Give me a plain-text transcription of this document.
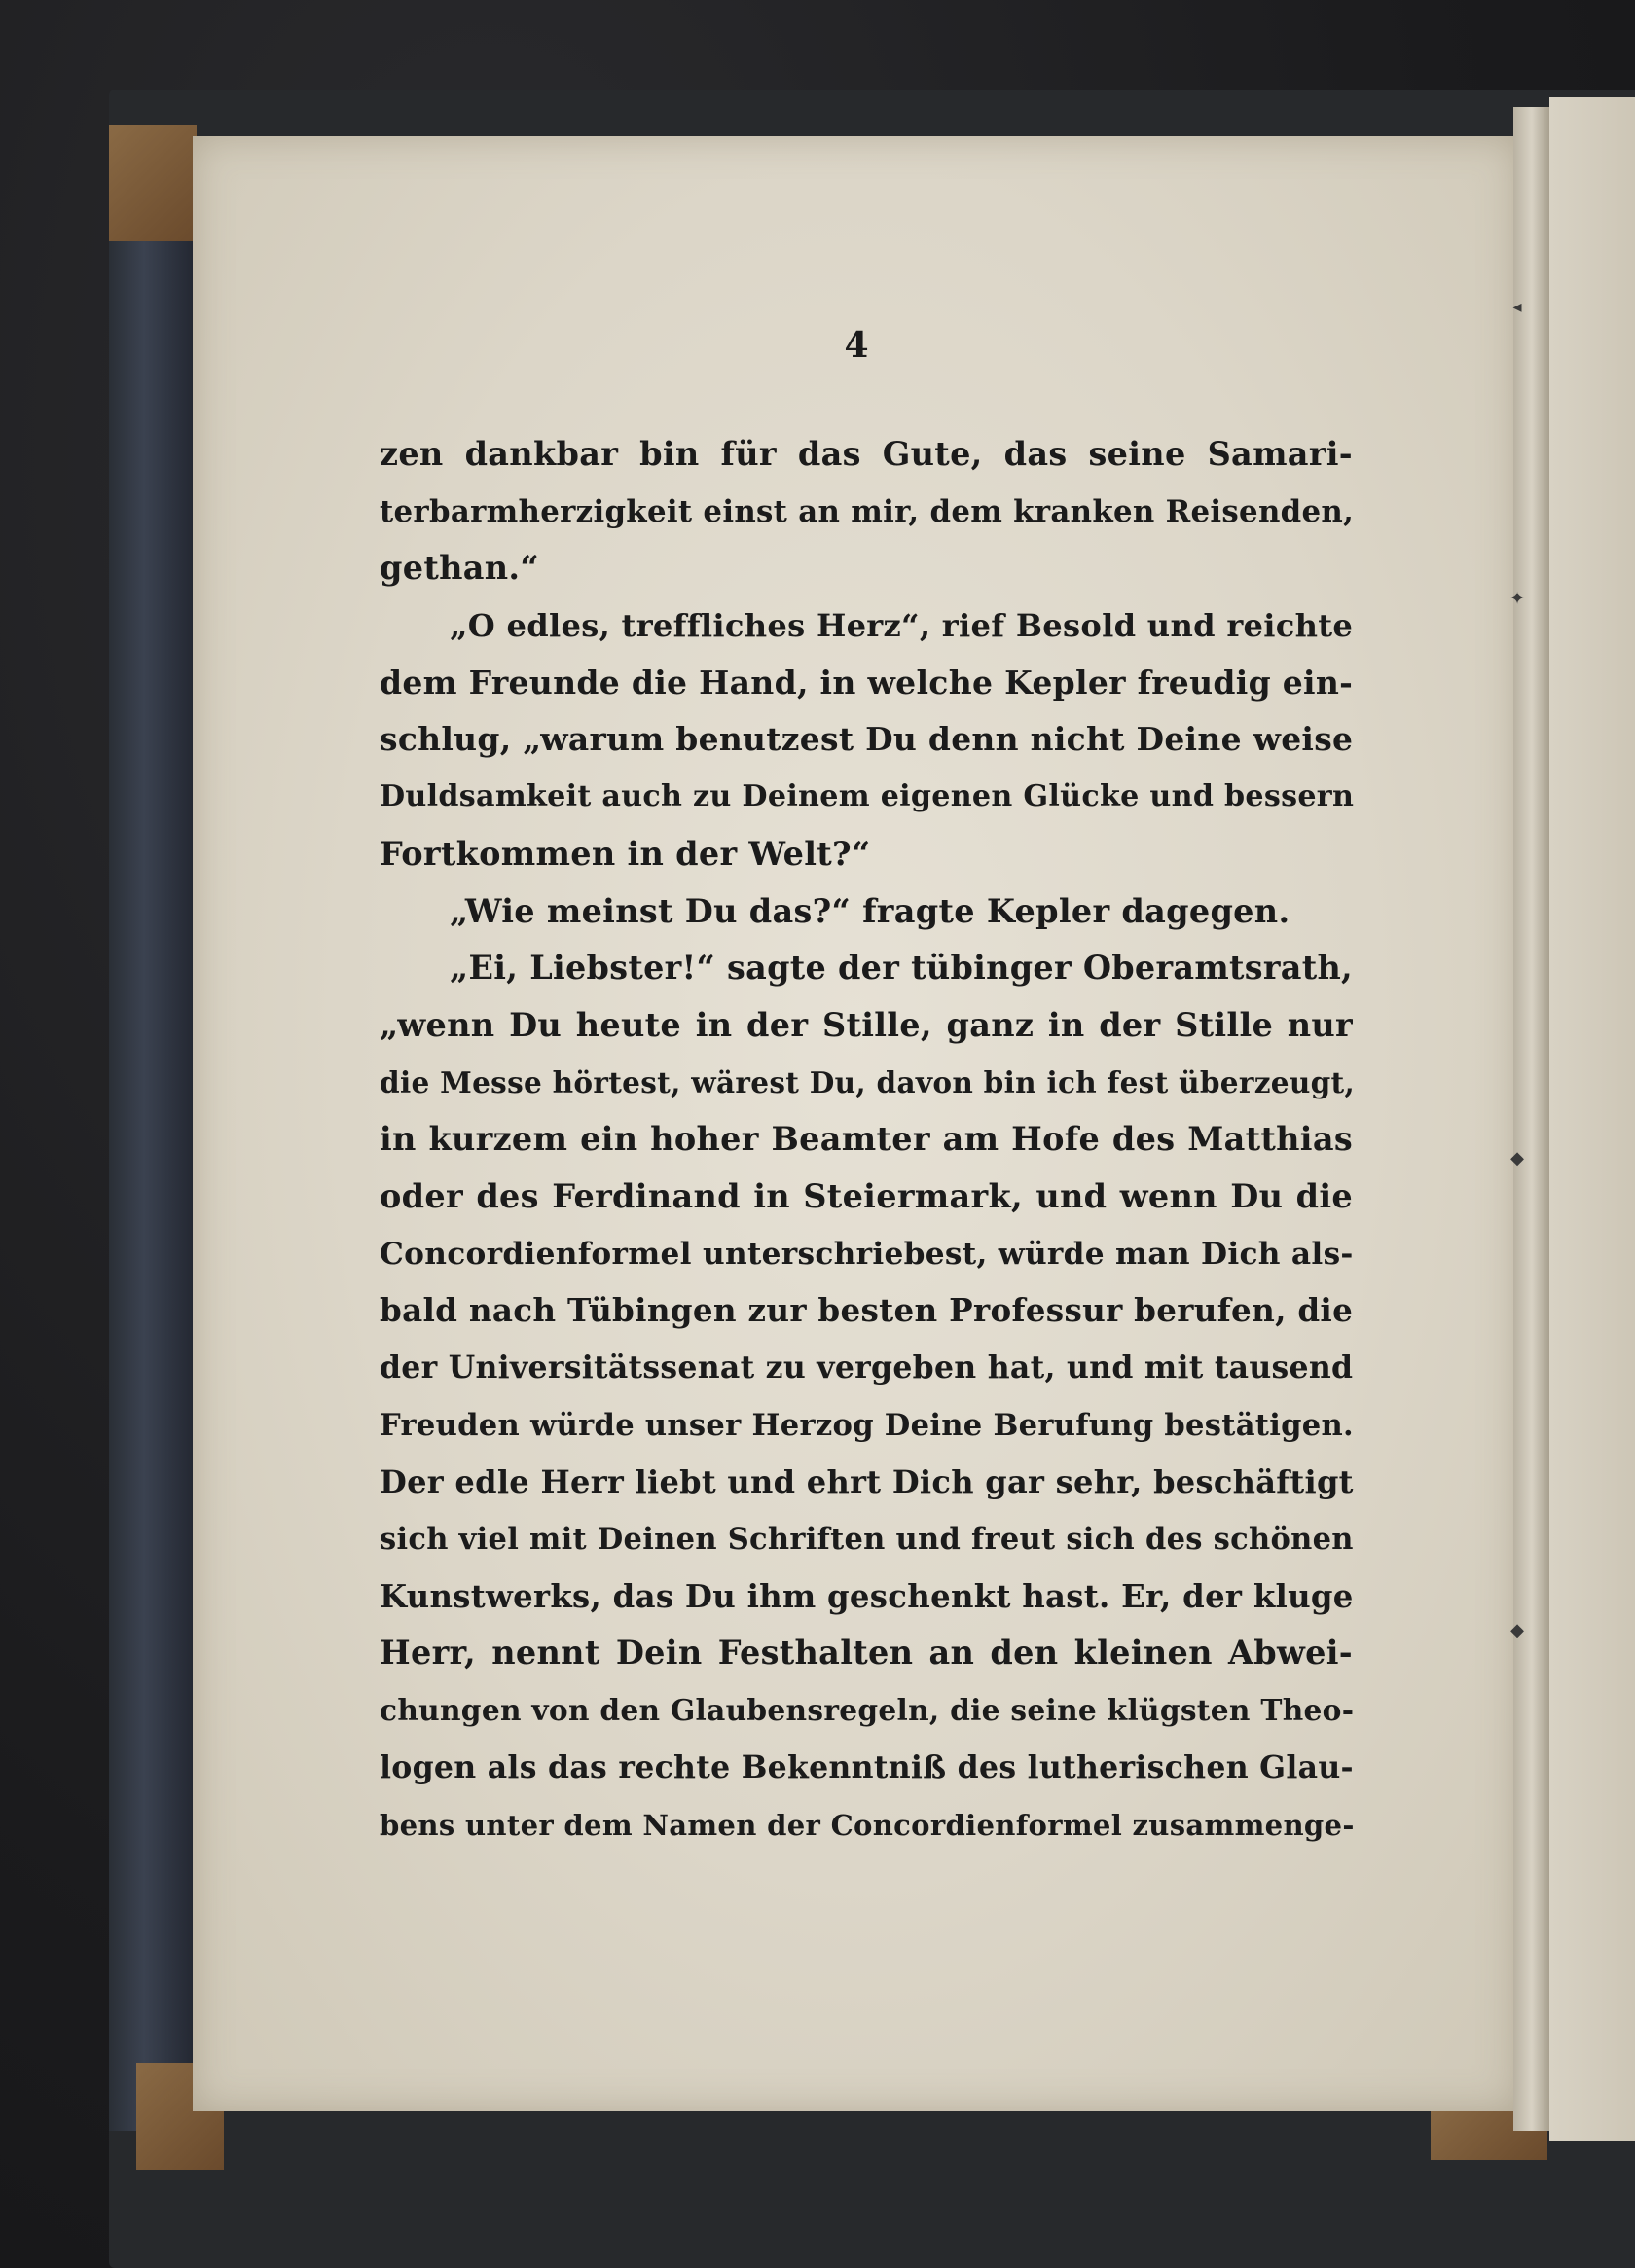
◂
✦
◆
◆
4
zen dankbar bin für das Gute, das seine Samari-
terbarmherzigkeit einst an mir, dem kranken Reisenden,
gethan.“
„O edles, treffliches Herz“, rief Besold und reichte
dem Freunde die Hand, in welche Kepler freudig ein-
schlug, „warum benutzest Du denn nicht Deine weise
Duldsamkeit auch zu Deinem eigenen Glücke und bessern
Fortkommen in der Welt?“
„Wie meinst Du das?“ fragte Kepler dagegen.
„Ei, Liebster!“ sagte der tübinger Oberamtsrath,
„wenn Du heute in der Stille, ganz in der Stille nur
die Messe hörtest, wärest Du, davon bin ich fest überzeugt,
in kurzem ein hoher Beamter am Hofe des Matthias
oder des Ferdinand in Steiermark, und wenn Du die
Concordienformel unterschriebest, würde man Dich als-
bald nach Tübingen zur besten Professur berufen, die
der Universitätssenat zu vergeben hat, und mit tausend
Freuden würde unser Herzog Deine Berufung bestätigen.
Der edle Herr liebt und ehrt Dich gar sehr, beschäftigt
sich viel mit Deinen Schriften und freut sich des schönen
Kunstwerks, das Du ihm geschenkt hast. Er, der kluge
Herr, nennt Dein Festhalten an den kleinen Abwei-
chungen von den Glaubensregeln, die seine klügsten Theo-
logen als das rechte Bekenntniß des lutherischen Glau-
bens unter dem Namen der Concordienformel zusammenge-
